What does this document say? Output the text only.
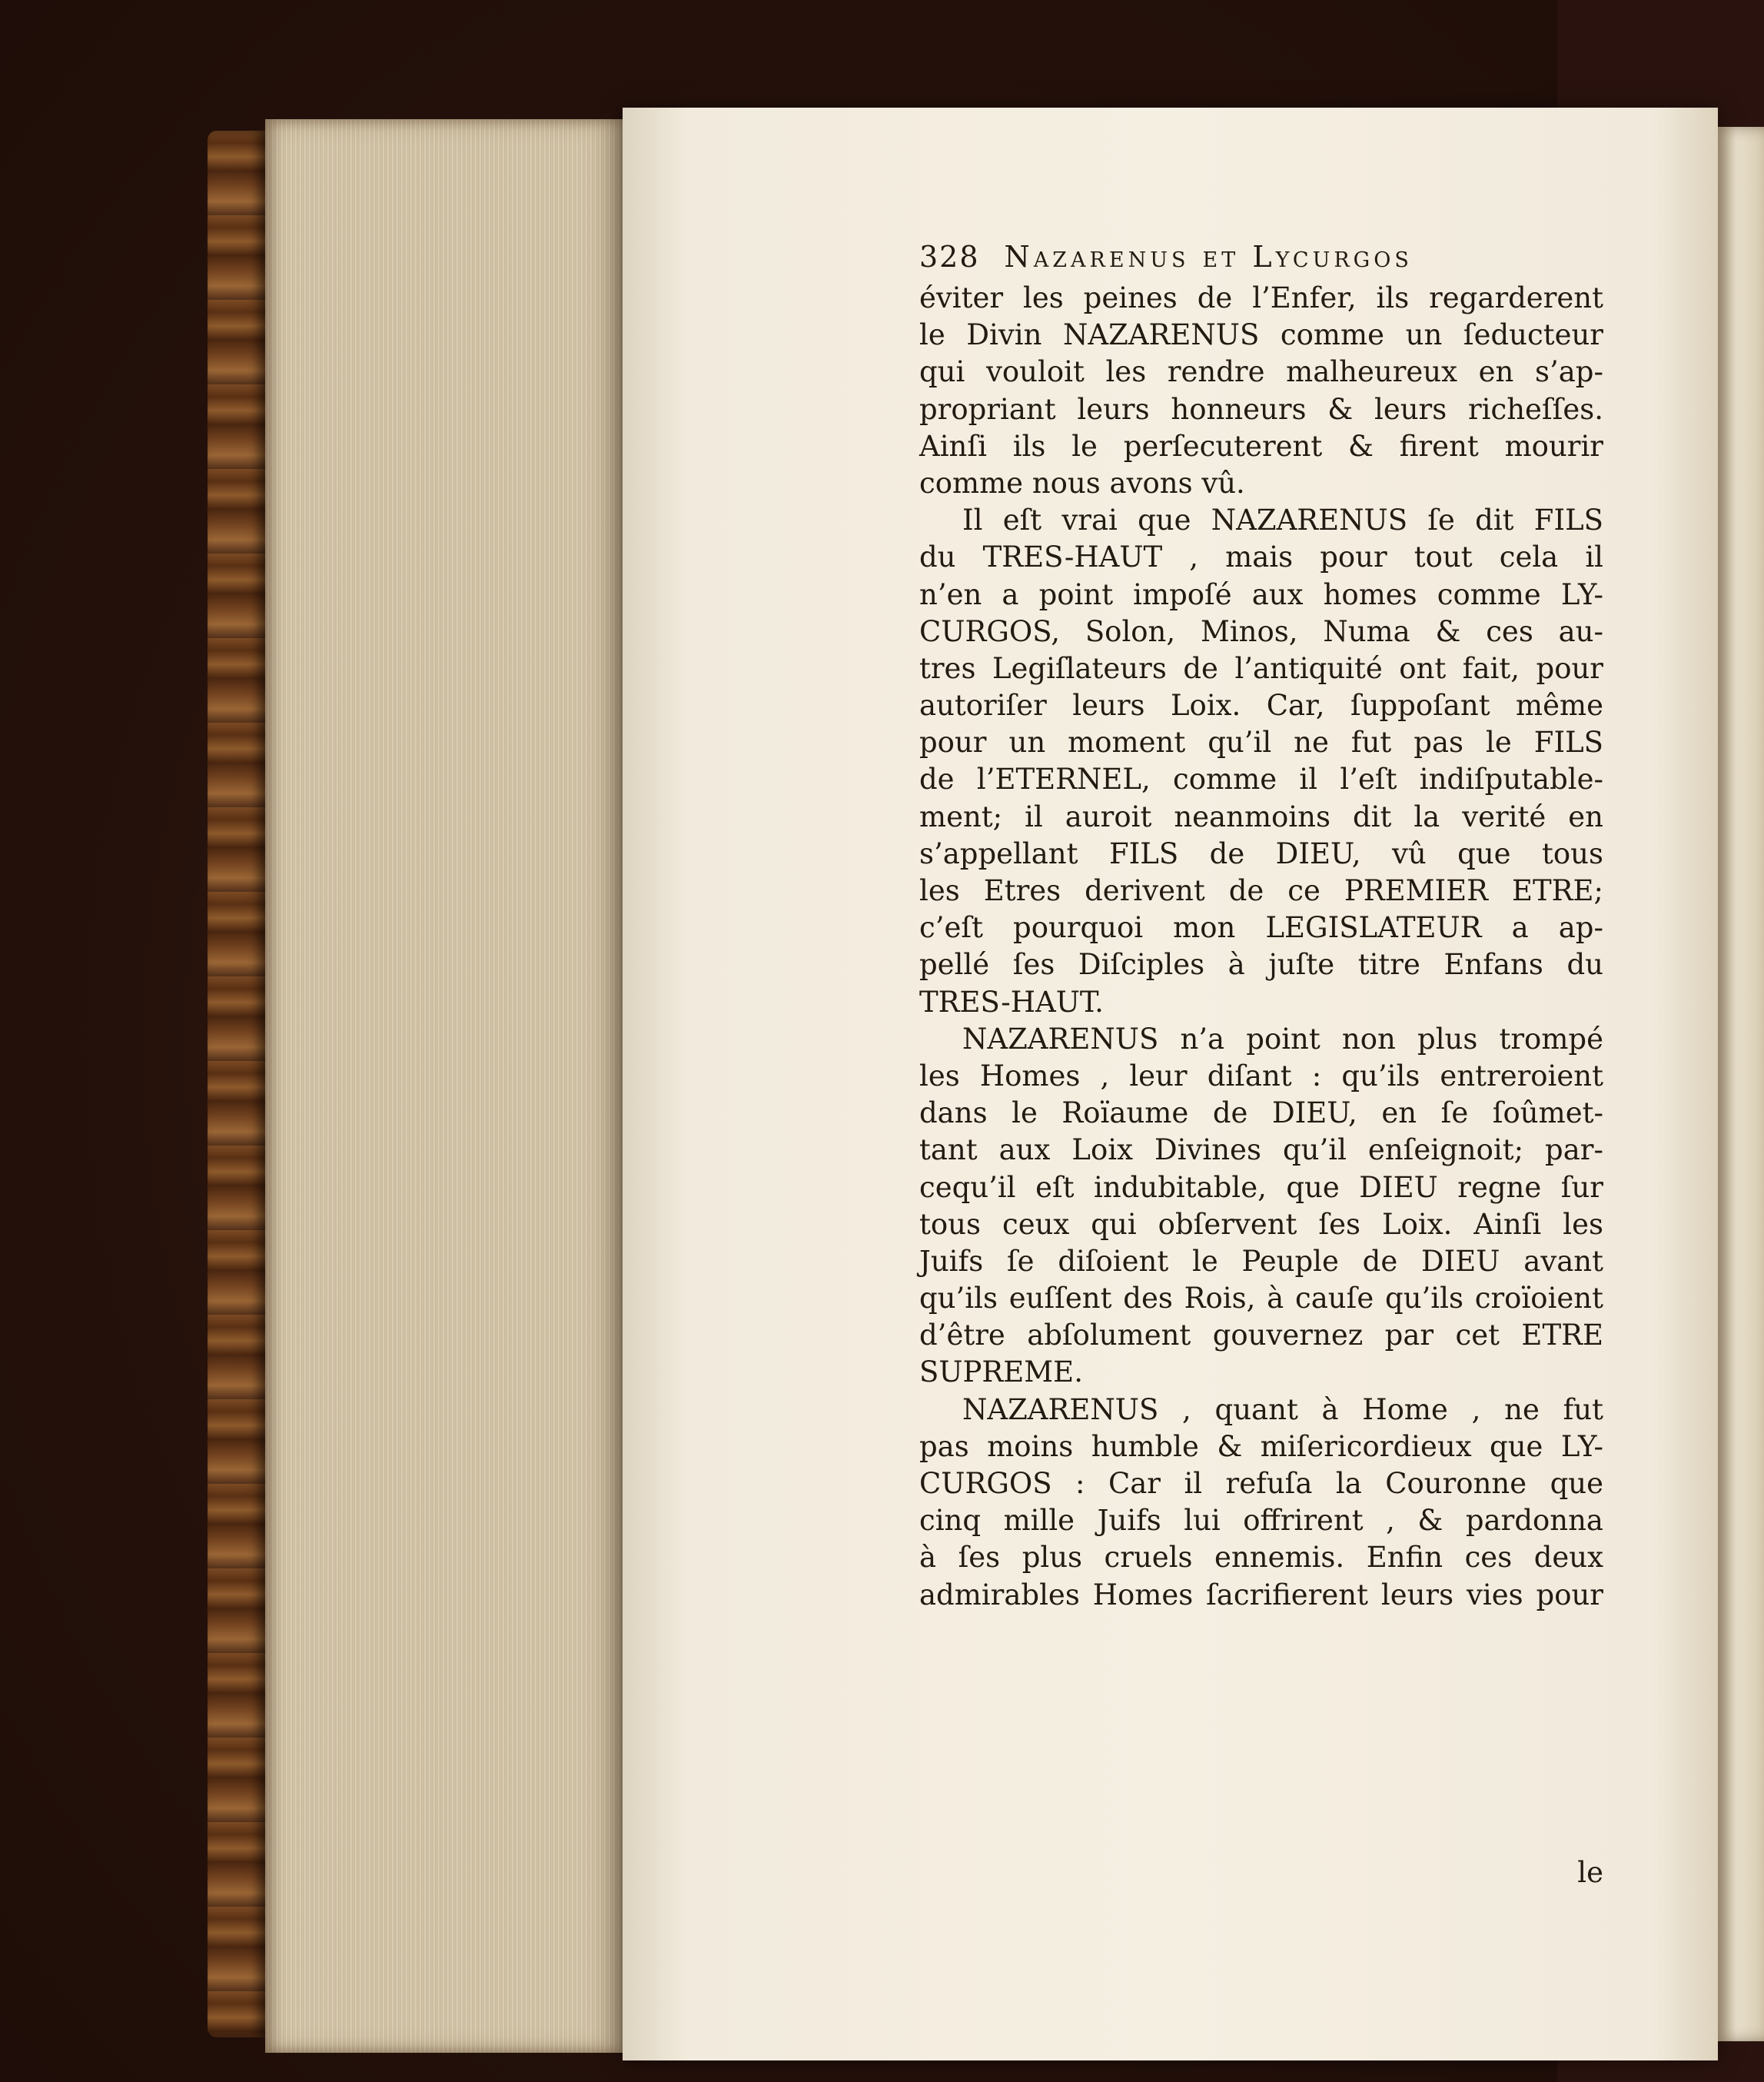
328 Nazarenus et Lycurgos
éviter les peines de l’Enfer, ils regarderent
le Divin NAZARENUS comme un ſeducteur
qui vouloit les rendre malheureux en s’ap-
propriant leurs honneurs & leurs richeſſes.
Ainſi ils le perſecuterent & firent mourir
comme nous avons vû.
Il eſt vrai que NAZARENUS ſe dit FILS
du TRES-HAUT , mais pour tout cela il
n’en a point impoſé aux homes comme LY-
CURGOS, Solon, Minos, Numa & ces au-
tres Legiſlateurs de l’antiquité ont fait, pour
autoriſer leurs Loix. Car, ſuppoſant même
pour un moment qu’il ne fut pas le FILS
de l’ETERNEL, comme il l’eſt indiſputable-
ment; il auroit neanmoins dit la verité en
s’appellant FILS de DIEU, vû que tous
les Etres derivent de ce PREMIER ETRE;
c’eſt pourquoi mon LEGISLATEUR a ap-
pellé ſes Diſciples à juſte titre Enfans du
TRES-HAUT.
NAZARENUS n’a point non plus trompé
les Homes , leur diſant : qu’ils entreroient
dans le Roïaume de DIEU, en ſe ſoûmet-
tant aux Loix Divines qu’il enſeignoit; par-
cequ’il eſt indubitable, que DIEU regne ſur
tous ceux qui obſervent ſes Loix. Ainſi les
Juifs ſe diſoient le Peuple de DIEU avant
qu’ils euſſent des Rois, à cauſe qu’ils croïoient
d’être abſolument gouvernez par cet ETRE
SUPREME.
NAZARENUS , quant à Home , ne fut
pas moins humble & miſericordieux que LY-
CURGOS : Car il refuſa la Couronne que
cinq mille Juifs lui offrirent , & pardonna
à ſes plus cruels ennemis. Enfin ces deux
admirables Homes ſacrifierent leurs vies pour
le
